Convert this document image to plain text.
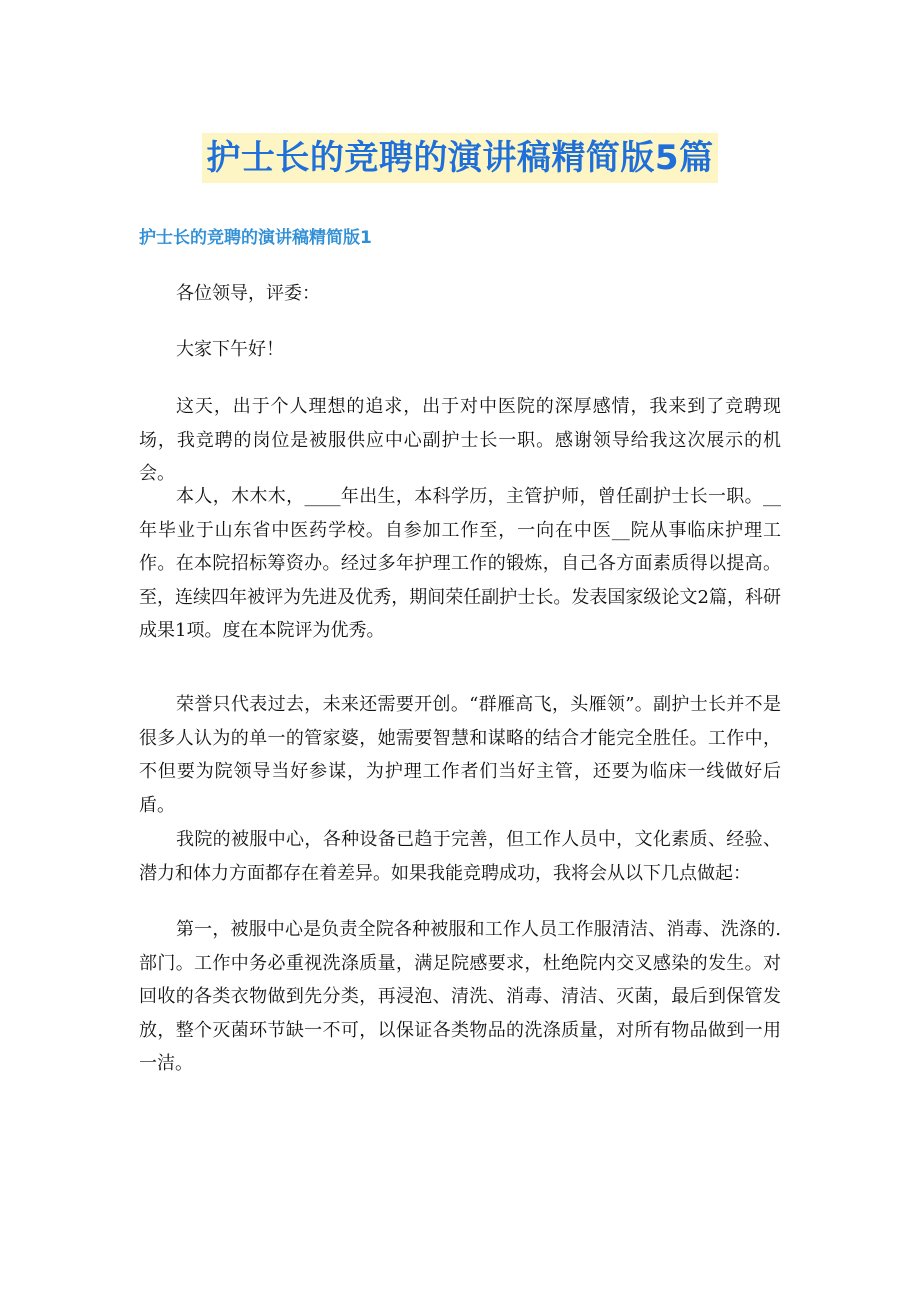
护士长的竞聘的演讲稿精简版5篇
护士长的竞聘的演讲稿精简版1

各位领导，评委：

大家下午好！

这天，出于个人理想的追求，出于对中医院的深厚感情，我来到了竞聘现场，我竞聘的岗位是被服供应中心副护士长一职。感谢领导给我这次展示的机会。

本人，木木木，____年出生，本科学历，主管护师，曾任副护士长一职。__年毕业于山东省中医药学校。自参加工作至，一向在中医__院从事临床护理工作。在本院招标筹资办。经过多年护理工作的锻炼，自己各方面素质得以提高。至，连续四年被评为先进及优秀，期间荣任副护士长。发表国家级论文2篇，科研成果1项。度在本院评为优秀。

荣誉只代表过去，未来还需要开创。“群雁高飞，头雁领”。副护士长并不是很多人认为的单一的管家婆，她需要智慧和谋略的结合才能完全胜任。工作中，不但要为院领导当好参谋，为护理工作者们当好主管，还要为临床一线做好后盾。

我院的被服中心，各种设备已趋于完善，但工作人员中，文化素质、经验、潜力和体力方面都存在着差异。如果我能竞聘成功，我将会从以下几点做起：

第一，被服中心是负责全院各种被服和工作人员工作服清洁、消毒、洗涤的.部门。工作中务必重视洗涤质量，满足院感要求，杜绝院内交叉感染的发生。对回收的各类衣物做到先分类，再浸泡、清洗、消毒、清洁、灭菌，最后到保管发放，整个灭菌环节缺一不可，以保证各类物品的洗涤质量，对所有物品做到一用一洁。
